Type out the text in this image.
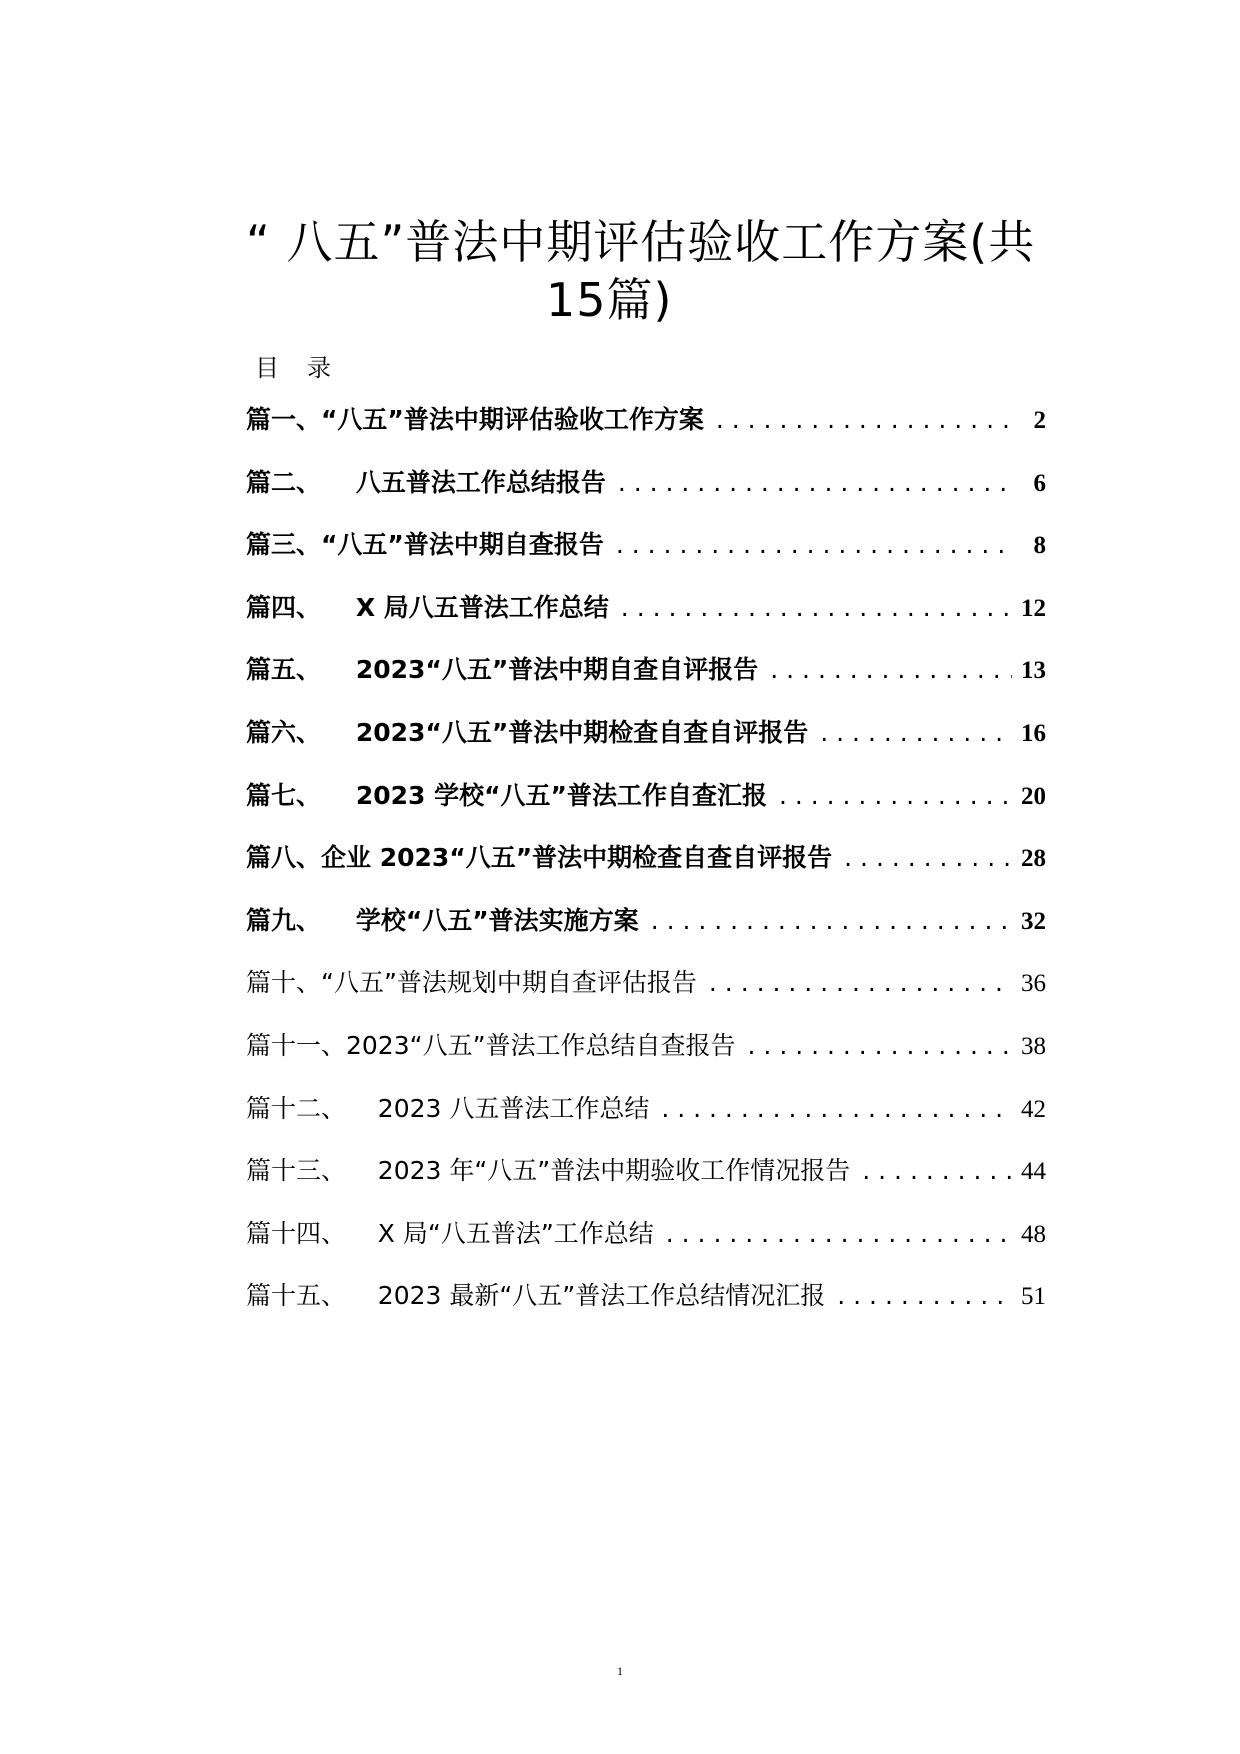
“ 八五”普法中期评估验收工作方案(共
15篇)
目录
篇一、“八五”普法中期评估验收工作方案 . . .	2
篇二、    八五普法工作总结报告 . . .	6
篇三、“八五”普法中期自查报告 . . .	8
篇四、    X 局八五普法工作总结 . . .	12
篇五、    2023“八五”普法中期自查自评报告 . . .	13
篇六、    2023“八五”普法中期检查自查自评报告 . . .	16
篇七、    2023 学校“八五”普法工作自查汇报 . . .	20
篇八、企业 2023“八五”普法中期检查自查自评报告 . . .	28
篇九、    学校“八五”普法实施方案 . . .	32
篇十、“八五”普法规划中期自查评估报告 . . .	36
篇十一、2023“八五”普法工作总结自查报告 . . .	38
篇十二、    2023 八五普法工作总结 . . .	42
篇十三、    2023 年“八五”普法中期验收工作情况报告 . . .	44
篇十四、    X 局“八五普法”工作总结 . . .	48
篇十五、    2023 最新“八五”普法工作总结情况汇报 . . .	51
1
